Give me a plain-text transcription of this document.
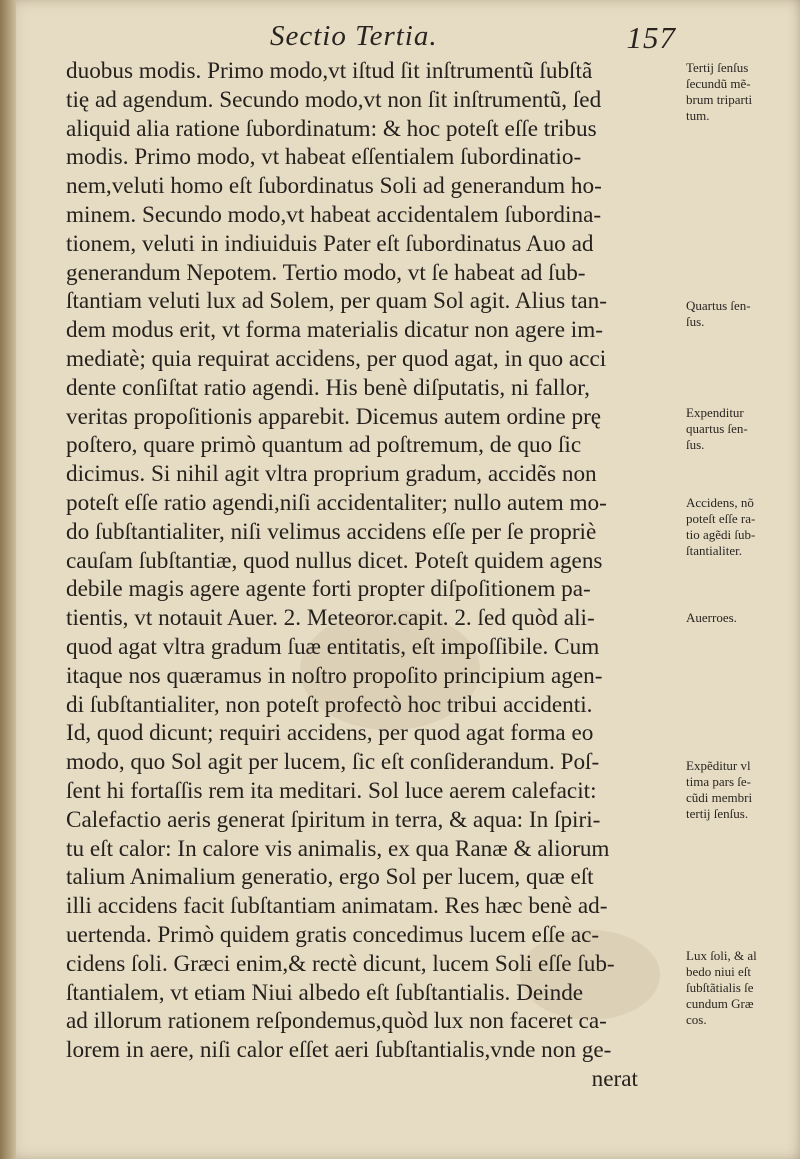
Sectio Tertia.	157
duobus modis. Primo modo,vt iſtud ſit inſtrumentũ ſubſtã
tię ad agendum. Secundo modo,vt non ſit inſtrumentũ, ſed
aliquid alia ratione ſubordinatum: & hoc poteſt eſſe tribus
modis. Primo modo, vt habeat eſſentialem ſubordinatio-
nem,veluti homo eſt ſubordinatus Soli ad generandum ho-
minem. Secundo modo,vt habeat accidentalem ſubordina-
tionem, veluti in indiuiduis Pater eſt ſubordinatus Auo ad
generandum Nepotem. Tertio modo, vt ſe habeat ad ſub-
ſtantiam veluti lux ad Solem, per quam Sol agit. Alius tan-
dem modus erit, vt forma materialis dicatur non agere im-
mediatè; quia requirat accidens, per quod agat, in quo acci
dente conſiſtat ratio agendi. His benè diſputatis, ni fallor,
veritas propoſitionis apparebit. Dicemus autem ordine prę
poſtero, quare primò quantum ad poſtremum, de quo ſic
dicimus. Si nihil agit vltra proprium gradum, accidẽs non
poteſt eſſe ratio agendi,niſi accidentaliter; nullo autem mo-
do ſubſtantialiter, niſi velimus accidens eſſe per ſe propriè
cauſam ſubſtantiæ, quod nullus dicet. Poteſt quidem agens
debile magis agere agente forti propter diſpoſitionem pa-
tientis, vt notauit Auer. 2. Meteoror.capit. 2. ſed quòd ali-
quod agat vltra gradum ſuæ entitatis, eſt impoſſibile. Cum
itaque nos quæramus in noſtro propoſito principium agen-
di ſubſtantialiter, non poteſt profectò hoc tribui accidenti.
Id, quod dicunt; requiri accidens, per quod agat forma eo
modo, quo Sol agit per lucem, ſic eſt conſiderandum. Poſ-
ſent hi fortaſſis rem ita meditari. Sol luce aerem calefacit:
Calefactio aeris generat ſpiritum in terra, & aqua: In ſpiri-
tu eſt calor: In calore vis animalis, ex qua Ranæ & aliorum
talium Animalium generatio, ergo Sol per lucem, quæ eſt
illi accidens facit ſubſtantiam animatam. Res hæc benè ad-
uertenda. Primò quidem gratis concedimus lucem eſſe ac-
cidens ſoli. Græci enim,& rectè dicunt, lucem Soli eſſe ſub-
ſtantialem, vt etiam Niui albedo eſt ſubſtantialis. Deinde
ad illorum rationem reſpondemus,quòd lux non faceret ca-
lorem in aere, niſi calor eſſet aeri ſubſtantialis,vnde non ge-
nerat
Tertij ſenſus
ſecundũ mẽ-
brum triparti
tum.
Quartus ſen-
ſus.
Expenditur
quartus ſen-
ſus.
Accidens, nõ
poteſt eſſe ra-
tio agẽdi ſub-
ſtantialiter.
Auerroes.
Expẽditur vl
tima pars ſe-
cũdi membri
tertij ſenſus.
Lux ſoli, & al
bedo niui eſt
ſubſtãtialis ſe
cundum Græ
cos.
